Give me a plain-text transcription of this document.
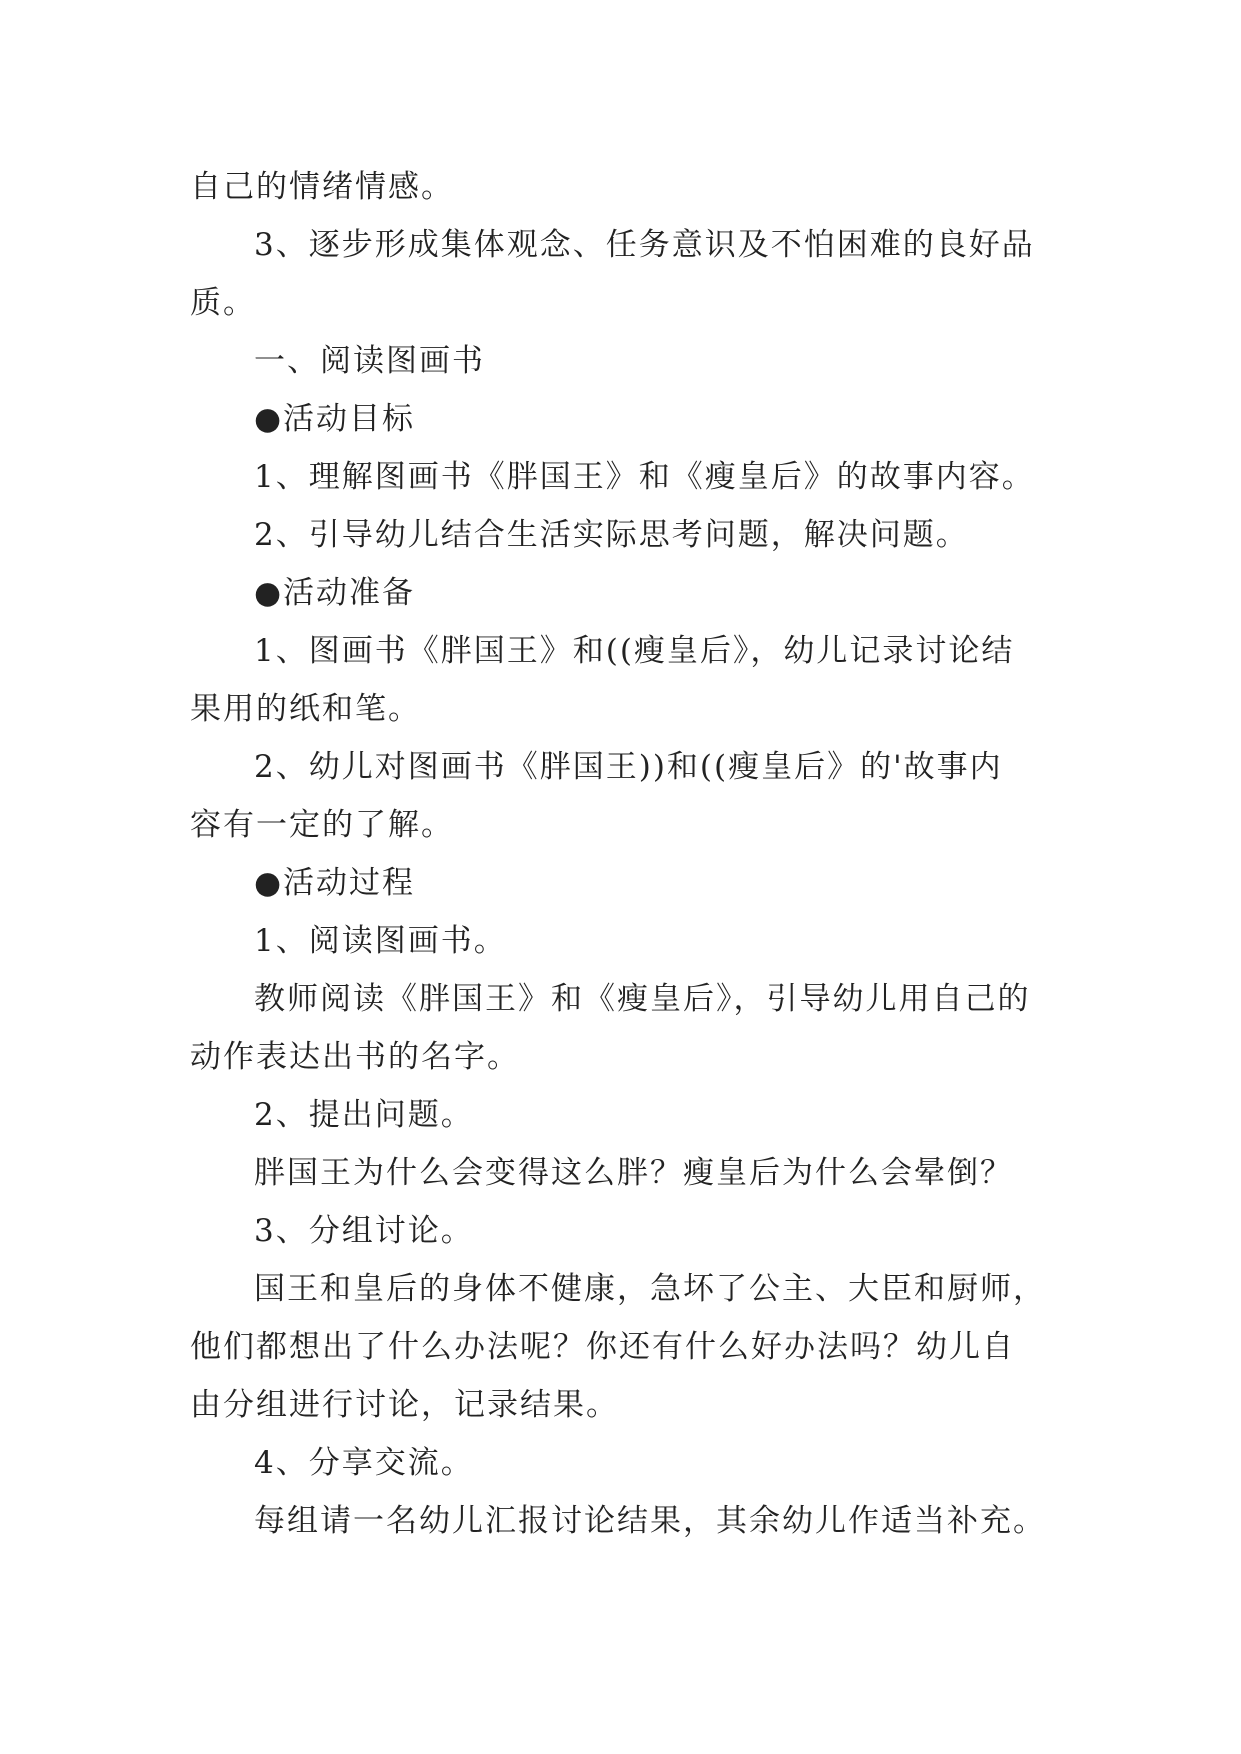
自己的情绪情感。

3、逐步形成集体观念、任务意识及不怕困难的良好品

质。

一、阅读图画书

●活动目标

1、理解图画书《胖国王》和《瘦皇后》的故事内容。

2、引导幼儿结合生活实际思考问题，解决问题。

●活动准备

1、图画书《胖国王》和((瘦皇后》，幼儿记录讨论结

果用的纸和笔。

2、幼儿对图画书《胖国王))和((瘦皇后》的'故事内

容有一定的了解。

●活动过程

1、阅读图画书。

教师阅读《胖国王》和《瘦皇后》，引导幼儿用自己的

动作表达出书的名字。

2、提出问题。

胖国王为什么会变得这么胖？瘦皇后为什么会晕倒？

3、分组讨论。

国王和皇后的身体不健康，急坏了公主、大臣和厨师，

他们都想出了什么办法呢？你还有什么好办法吗？幼儿自

由分组进行讨论，记录结果。

4、分享交流。

每组请一名幼儿汇报讨论结果，其余幼儿作适当补充。
